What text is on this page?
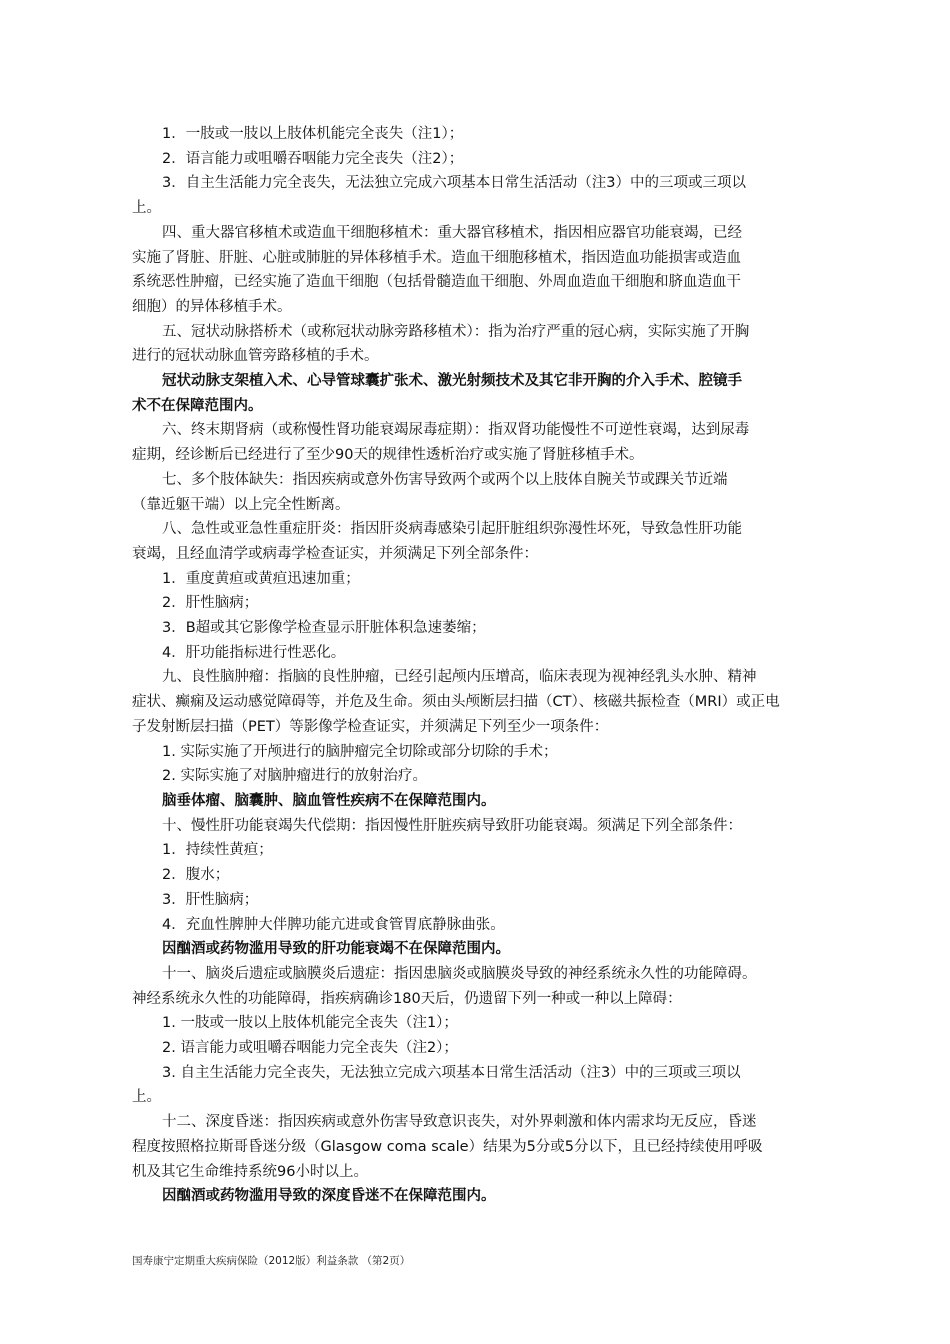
1．一肢或一肢以上肢体机能完全丧失（注1）；
2．语言能力或咀嚼吞咽能力完全丧失（注2）；
3．自主生活能力完全丧失，无法独立完成六项基本日常生活活动（注3）中的三项或三项以
上。
四、重大器官移植术或造血干细胞移植术：重大器官移植术，指因相应器官功能衰竭，已经
实施了肾脏、肝脏、心脏或肺脏的异体移植手术。造血干细胞移植术，指因造血功能损害或造血
系统恶性肿瘤，已经实施了造血干细胞（包括骨髓造血干细胞、外周血造血干细胞和脐血造血干
细胞）的异体移植手术。
五、冠状动脉搭桥术（或称冠状动脉旁路移植术）：指为治疗严重的冠心病，实际实施了开胸
进行的冠状动脉血管旁路移植的手术。
冠状动脉支架植入术、心导管球囊扩张术、激光射频技术及其它非开胸的介入手术、腔镜手
术不在保障范围内。
六、终末期肾病（或称慢性肾功能衰竭尿毒症期）：指双肾功能慢性不可逆性衰竭，达到尿毒
症期，经诊断后已经进行了至少90天的规律性透析治疗或实施了肾脏移植手术。
七、多个肢体缺失：指因疾病或意外伤害导致两个或两个以上肢体自腕关节或踝关节近端
（靠近躯干端）以上完全性断离。
八、急性或亚急性重症肝炎：指因肝炎病毒感染引起肝脏组织弥漫性坏死，导致急性肝功能
衰竭，且经血清学或病毒学检查证实，并须满足下列全部条件：
1．重度黄疸或黄疸迅速加重；
2．肝性脑病；
3．B超或其它影像学检查显示肝脏体积急速萎缩；
4．肝功能指标进行性恶化。
九、良性脑肿瘤：指脑的良性肿瘤，已经引起颅内压增高，临床表现为视神经乳头水肿、精神
症状、癫痫及运动感觉障碍等，并危及生命。须由头颅断层扫描（CT）、核磁共振检查（MRI）或正电
子发射断层扫描（PET）等影像学检查证实，并须满足下列至少一项条件：
1. 实际实施了开颅进行的脑肿瘤完全切除或部分切除的手术；
2. 实际实施了对脑肿瘤进行的放射治疗。
脑垂体瘤、脑囊肿、脑血管性疾病不在保障范围内。
十、慢性肝功能衰竭失代偿期：指因慢性肝脏疾病导致肝功能衰竭。须满足下列全部条件：
1．持续性黄疸；
2．腹水；
3．肝性脑病；
4．充血性脾肿大伴脾功能亢进或食管胃底静脉曲张。
因酗酒或药物滥用导致的肝功能衰竭不在保障范围内。
十一、脑炎后遗症或脑膜炎后遗症：指因患脑炎或脑膜炎导致的神经系统永久性的功能障碍。
神经系统永久性的功能障碍，指疾病确诊180天后，仍遗留下列一种或一种以上障碍：
1. 一肢或一肢以上肢体机能完全丧失（注1）；
2. 语言能力或咀嚼吞咽能力完全丧失（注2）；
3. 自主生活能力完全丧失，无法独立完成六项基本日常生活活动（注3）中的三项或三项以
上。
十二、深度昏迷：指因疾病或意外伤害导致意识丧失，对外界刺激和体内需求均无反应，昏迷
程度按照格拉斯哥昏迷分级（Glasgow coma scale）结果为5分或5分以下，且已经持续使用呼吸
机及其它生命维持系统96小时以上。
因酗酒或药物滥用导致的深度昏迷不在保障范围内。
国寿康宁定期重大疾病保险（2012版）利益条款 （第2页）
